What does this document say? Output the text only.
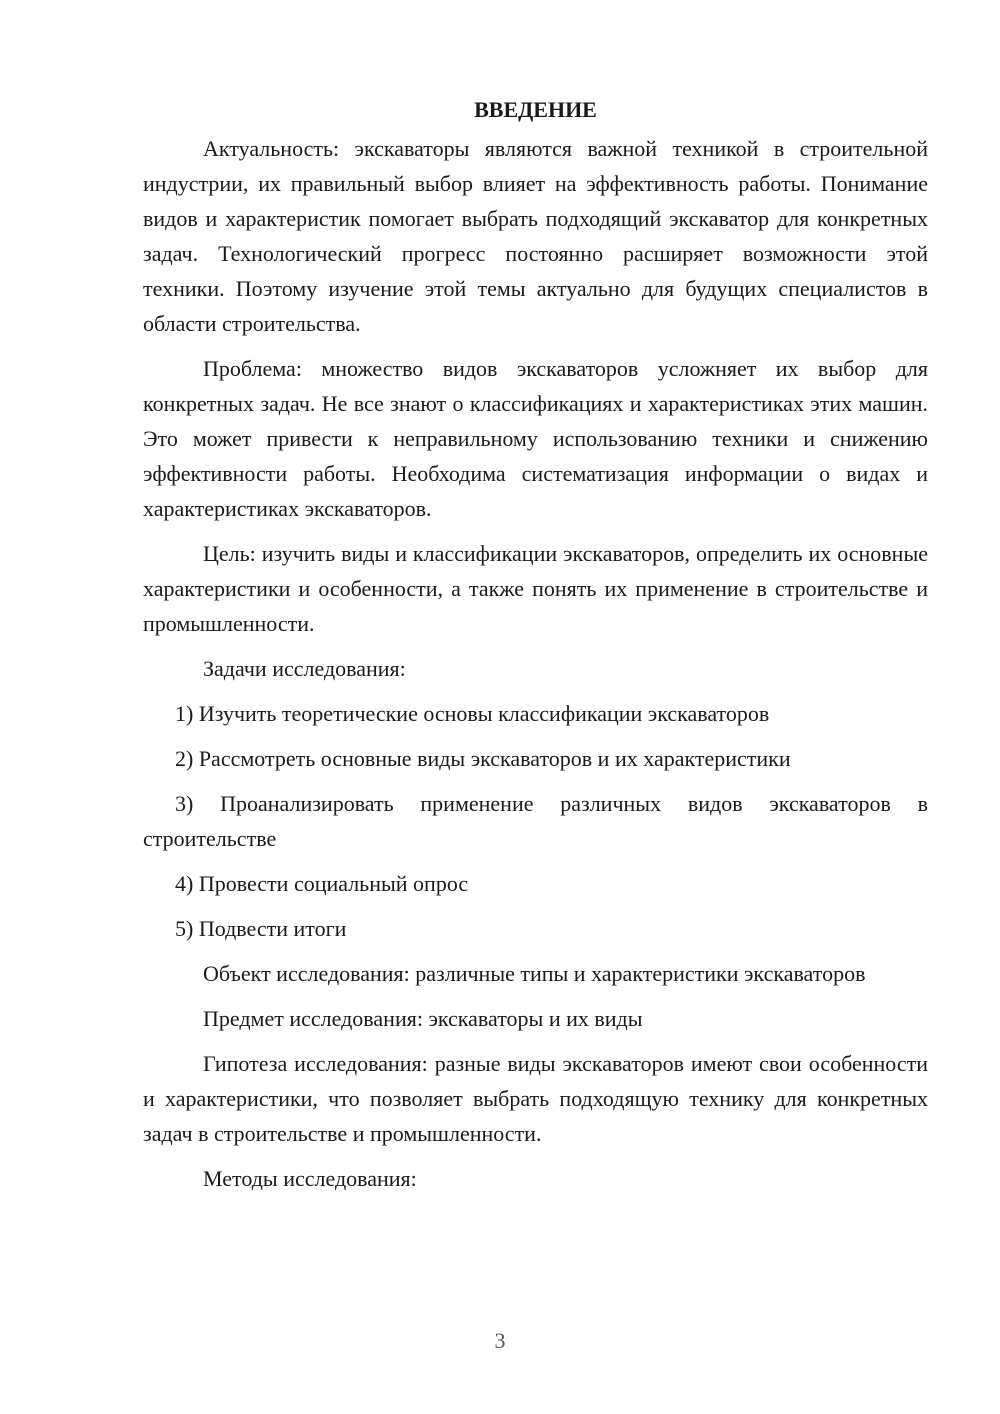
ВВЕДЕНИЕ

Актуальность: экскаваторы являются важной техникой в строительной индустрии, их правильный выбор влияет на эффективность работы. Понимание видов и характеристик помогает выбрать подходящий экскаватор для конкретных задач. Технологический прогресс постоянно расширяет возможности этой техники. Поэтому изучение этой темы актуально для будущих специалистов в области строительства.

Проблема: множество видов экскаваторов усложняет их выбор для конкретных задач. Не все знают о классификациях и характеристиках этих машин. Это может привести к неправильному использованию техники и снижению эффективности работы. Необходима систематизация информации о видах и характеристиках экскаваторов.

Цель: изучить виды и классификации экскаваторов, определить их основные характеристики и особенности, а также понять их применение в строительстве и промышленности.

Задачи исследования:

1) Изучить теоретические основы классификации экскаваторов

2) Рассмотреть основные виды экскаваторов и их характеристики

3) Проанализировать применение различных видов экскаваторов в строительстве

4) Провести социальный опрос

5) Подвести итоги

Объект исследования: различные типы и характеристики экскаваторов

Предмет исследования: экскаваторы и их виды

Гипотеза исследования: разные виды экскаваторов имеют свои особенности и характеристики, что позволяет выбрать подходящую технику для конкретных задач в строительстве и промышленности.

Методы исследования:

3
